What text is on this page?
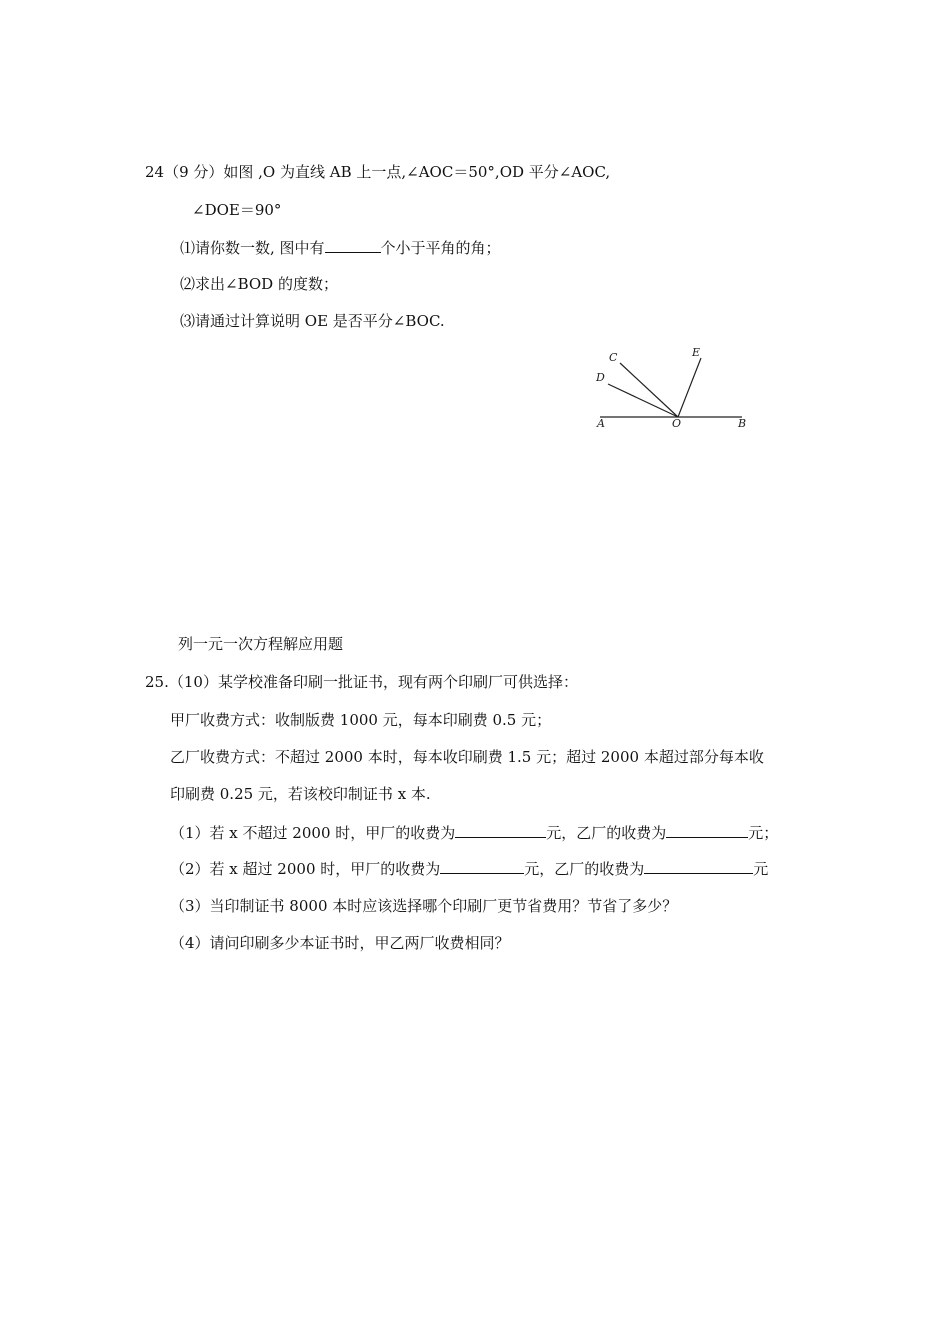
24（9 分）如图 ,O 为直线 AB 上一点,∠AOC＝50°,OD 平分∠AOC,
∠DOE＝90°
⑴请你数一数, 图中有	个小于平角的角；
⑵求出∠BOD 的度数；
⑶请通过计算说明 OE 是否平分∠BOC.
C
D
E
A	O	B
列一元一次方程解应用题
25.（10）某学校准备印刷一批证书，现有两个印刷厂可供选择：
甲厂收费方式：收制版费 1000 元，每本印刷费 0.5 元；
乙厂收费方式：不超过 2000 本时，每本收印刷费 1.5 元；超过 2000 本超过部分每本收
印刷费 0.25 元，若该校印制证书 x 本.
（1）若 x 不超过 2000 时，甲厂的收费为	元，乙厂的收费为	元；
（2）若 x 超过 2000 时，甲厂的收费为	元，乙厂的收费为	元
（3）当印制证书 8000 本时应该选择哪个印刷厂更节省费用？节省了多少？
（4）请问印刷多少本证书时，甲乙两厂收费相同？
